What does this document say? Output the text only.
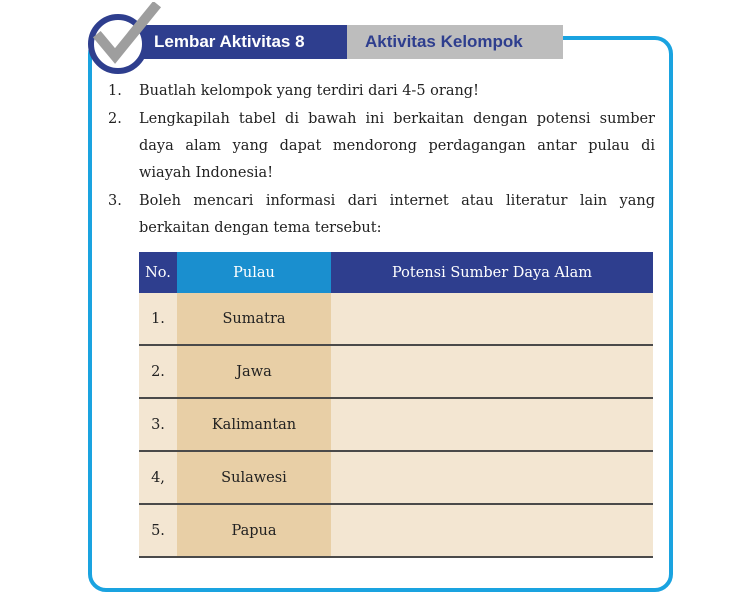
Lembar Aktivitas 8	Aktivitas Kelompok
1.	Buatlah kelompok yang terdiri dari 4-5 orang!
2.	Lengkapilah tabel di bawah ini berkaitan dengan potensi sumber daya alam yang dapat mendorong perdagangan antar pulau di wiayah Indonesia!
3.	Boleh mencari informasi dari internet atau literatur lain yang berkaitan dengan tema tersebut:
No.	Pulau	Potensi Sumber Daya Alam
1.	Sumatra	
2.	Jawa	
3.	Kalimantan	
4,	Sulawesi	
5.	Papua	
